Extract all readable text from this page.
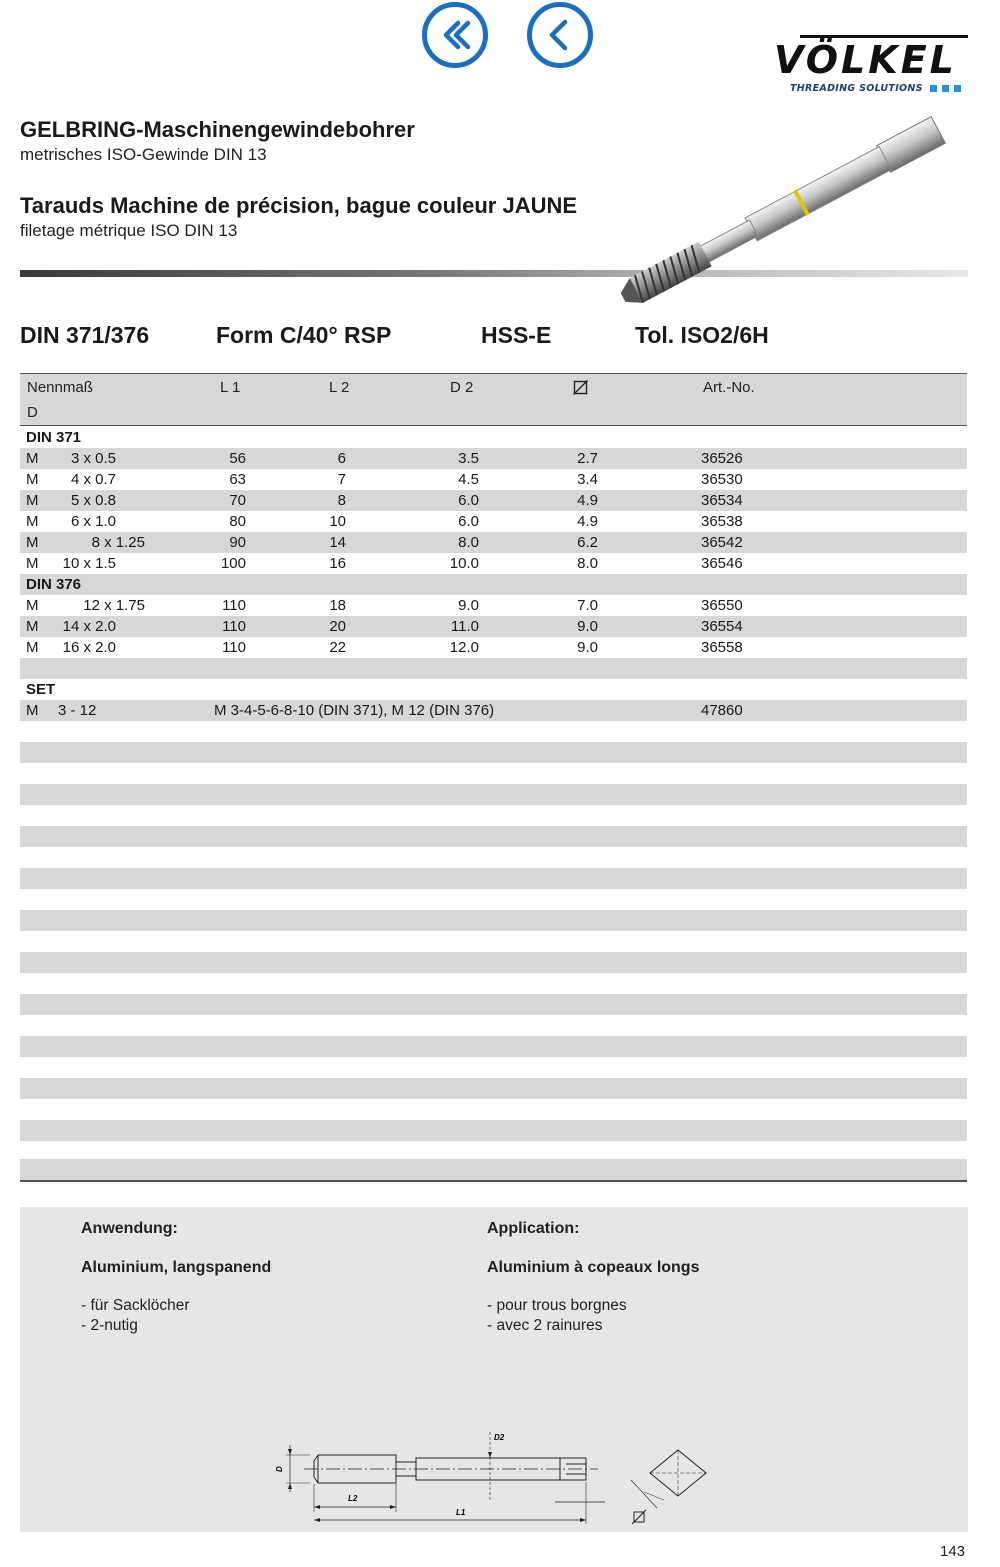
VÖLKEL
THREADING SOLUTIONS
GELBRING-Maschinengewindebohrer
metrisches ISO-Gewinde DIN 13
Tarauds Machine de précision, bague couleur JAUNE
filetage métrique ISO DIN 13
DIN 371/376	Form C/40° RSP	HSS-E	Tol. ISO2/6H
Nennmaß
D
L 1	L 2	D 2	Art.-No.
DIN 371
M 3 x 0.5	56	6	3.5	2.7	36526
M 4 x 0.7	63	7	4.5	3.4	36530
M 5 x 0.8	70	8	6.0	4.9	36534
M 6 x 1.0	80	10	6.0	4.9	36538
M	8 x 1.25	90	14	8.0	6.2	36542
M 10 x 1.5	100	16	10.0	8.0	36546
DIN 376
M	12 x 1.75	110	18	9.0	7.0	36550
M 14 x 2.0	110	20	11.0	9.0	36554
M 16 x 2.0	110	22	12.0	9.0	36558
SET
M 3 - 12	M 3-4-5-6-8-10 (DIN 371), M 12 (DIN 376)	47860
Anwendung:
Aluminium, langspanend
- für Sacklöcher
- 2-nutig
Application:
Aluminium à copeaux longs
- pour trous borgnes
- avec 2 rainures
D
D2
L2
L1
143
